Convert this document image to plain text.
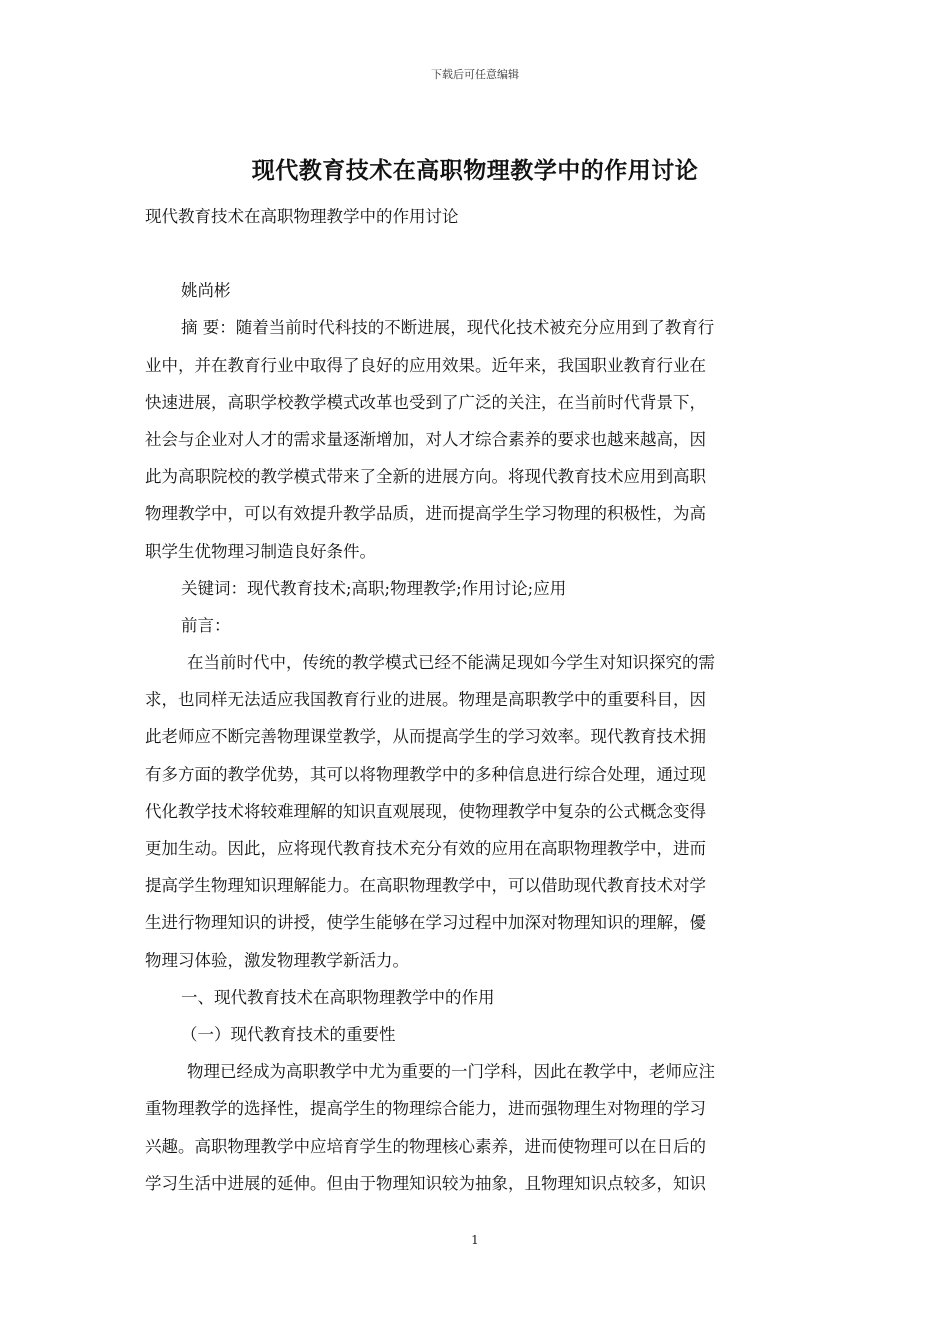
下载后可任意编辑
现代教育技术在高职物理教学中的作用讨论
现代教育技术在高职物理教学中的作用讨论
姚尚彬
摘 要：随着当前时代科技的不断进展，现代化技术被充分应用到了教育行
业中，并在教育行业中取得了良好的应用效果。近年来，我国职业教育行业在
快速进展，高职学校教学模式改革也受到了广泛的关注，在当前时代背景下，
社会与企业对人才的需求量逐渐增加，对人才综合素养的要求也越来越高，因
此为高职院校的教学模式带来了全新的进展方向。将现代教育技术应用到高职
物理教学中，可以有效提升教学品质，进而提高学生学习物理的积极性，为高
职学生优物理习制造良好条件。
关键词：现代教育技术;高职;物理教学;作用讨论;应用
前言：
在当前时代中，传统的教学模式已经不能满足现如今学生对知识探究的需
求，也同样无法适应我国教育行业的进展。物理是高职教学中的重要科目，因
此老师应不断完善物理课堂教学，从而提高学生的学习效率。现代教育技术拥
有多方面的教学优势，其可以将物理教学中的多种信息进行综合处理，通过现
代化教学技术将较难理解的知识直观展现，使物理教学中复杂的公式概念变得
更加生动。因此，应将现代教育技术充分有效的应用在高职物理教学中，进而
提高学生物理知识理解能力。在高职物理教学中，可以借助现代教育技术对学
生进行物理知识的讲授，使学生能够在学习过程中加深对物理知识的理解，優
物理习体验，激发物理教学新活力。
一、现代教育技术在高职物理教学中的作用
（一）现代教育技术的重要性
物理已经成为高职教学中尤为重要的一门学科，因此在教学中，老师应注
重物理教学的选择性，提高学生的物理综合能力，进而强物理生对物理的学习
兴趣。高职物理教学中应培育学生的物理核心素养，进而使物理可以在日后的
学习生活中进展的延伸。但由于物理知识较为抽象，且物理知识点较多，知识
1
